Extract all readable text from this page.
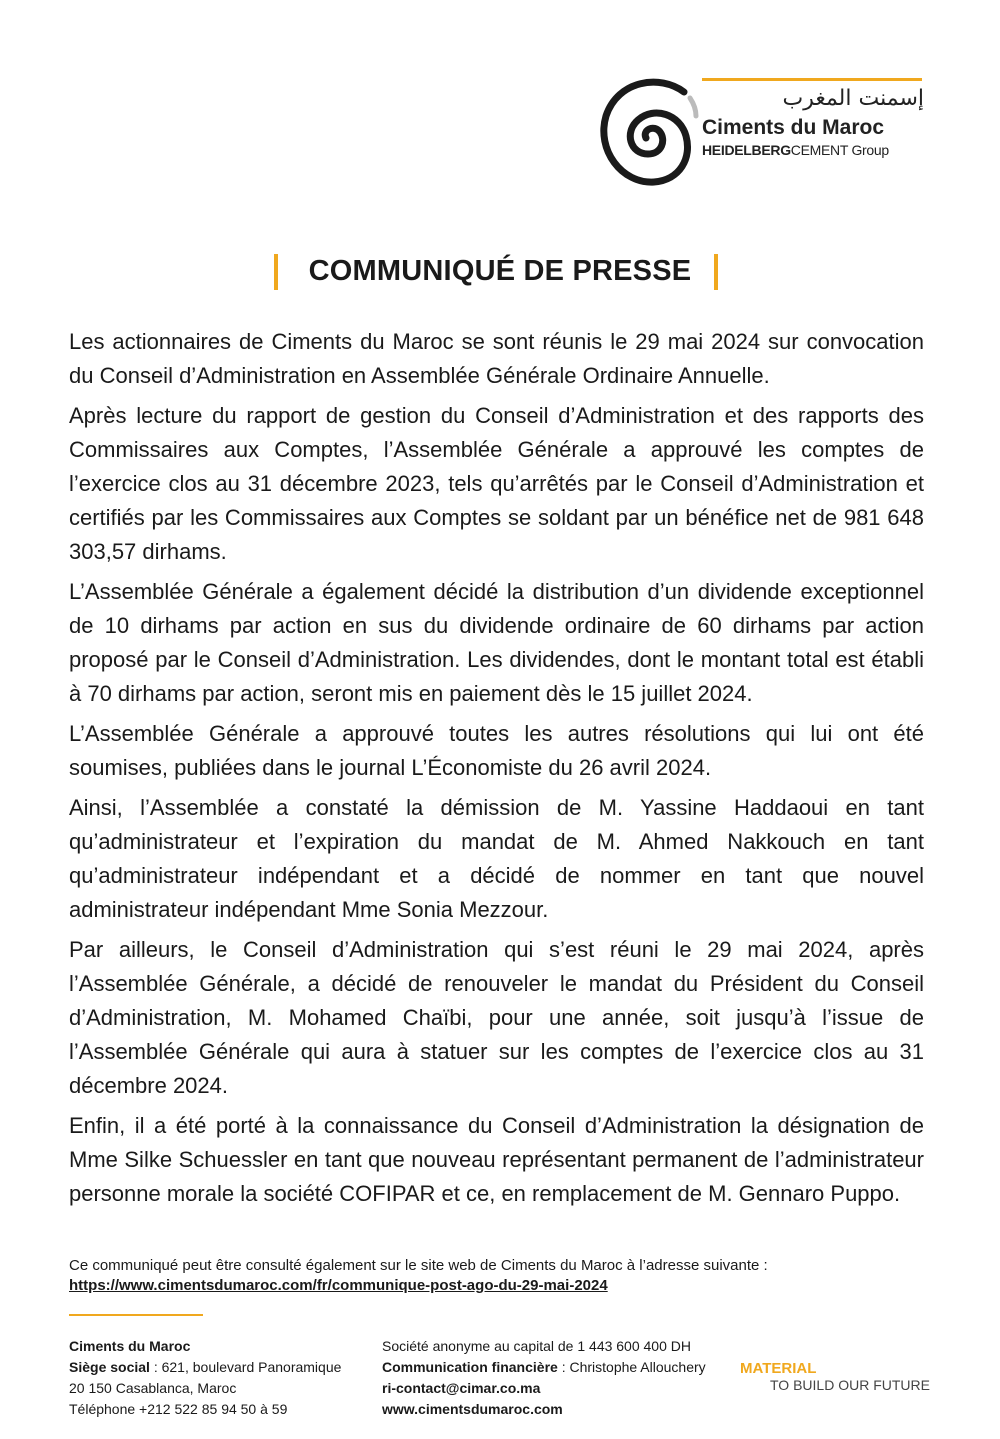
إسمنت المغرب
Ciments du Maroc
HEIDELBERGCEMENT Group
COMMUNIQUÉ DE PRESSE

Les actionnaires de Ciments du Maroc se sont réunis le 29 mai 2024 sur convocation du Conseil d’Administration en Assemblée Générale Ordinaire Annuelle.

Après lecture du rapport de gestion du Conseil d’Administration et des rapports des Commissaires aux Comptes, l’Assemblée Générale a approuvé les comptes de l’exercice clos au 31 décembre 2023, tels qu’arrêtés par le Conseil d’Administration et certifiés par les Commissaires aux Comptes se soldant par un bénéfice net de 981 648 303,57 dirhams.

L’Assemblée Générale a également décidé la distribution d’un dividende exceptionnel de 10 dirhams par action en sus du dividende ordinaire de 60 dirhams par action proposé par le Conseil d’Administration. Les dividendes, dont le montant total est établi à 70 dirhams par action, seront mis en paiement dès le 15 juillet 2024.

L’Assemblée Générale a approuvé toutes les autres résolutions qui lui ont été soumises, publiées dans le journal L’Économiste du 26 avril 2024.

Ainsi, l’Assemblée a constaté la démission de M. Yassine Haddaoui en tant qu’administrateur et l’expiration du mandat de M. Ahmed Nakkouch en tant qu’administrateur indépendant et a décidé de nommer en tant que nouvel administrateur indépendant Mme Sonia Mezzour.

Par ailleurs, le Conseil d’Administration qui s’est réuni le 29 mai 2024, après l’Assemblée Générale, a décidé de renouveler le mandat du Président du Conseil d’Administration, M. Mohamed Chaïbi, pour une année, soit jusqu’à l’issue de l’Assemblée Générale qui aura à statuer sur les comptes de l’exercice clos au 31 décembre 2024.

Enfin, il a été porté à la connaissance du Conseil d’Administration la désignation de Mme Silke Schuessler en tant que nouveau représentant permanent de l’administrateur personne morale la société COFIPAR et ce, en remplacement de M. Gennaro Puppo.

Ce communiqué peut être consulté également sur le site web de Ciments du Maroc à l’adresse suivante :
https://www.cimentsdumaroc.com/fr/communique-post-ago-du-29-mai-2024
Ciments du Maroc
Siège social : 621, boulevard Panoramique
20 150 Casablanca, Maroc
Téléphone +212 522 85 94 50 à 59
Société anonyme au capital de 1 443 600 400 DH
Communication financière : Christophe Allouchery
ri-contact@cimar.co.ma
www.cimentsdumaroc.com
MATERIAL
TO BUILD OUR FUTURE
